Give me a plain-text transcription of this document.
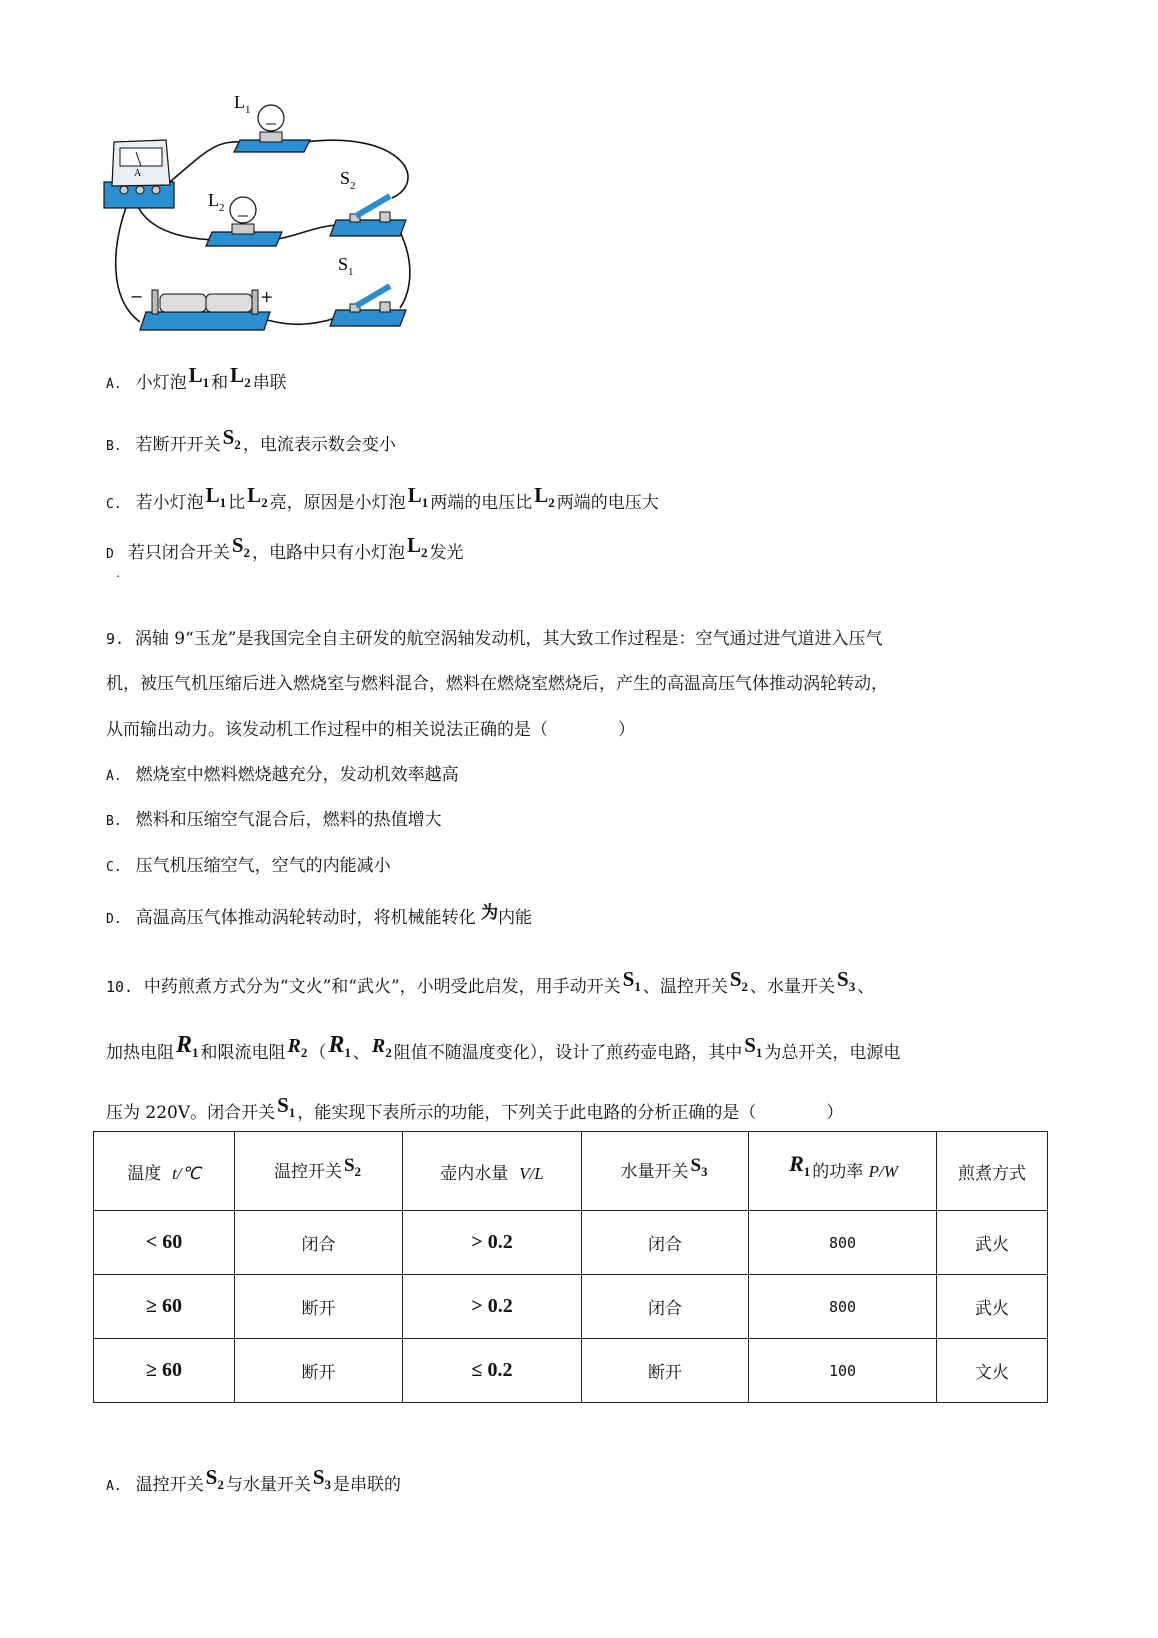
A
$L_1$
$L_2$
$S_2$
$S_1$
−	+
A. 小灯泡$L_1$ 和$L_2$ 串联
B. 若断开开关$S_2$ ，电流表示数会变小
C. 若小灯泡$L_1$ 比$L_2$ 亮，原因是小灯泡$L_1$ 两端的电压比$L_2$ 两端的电压大
D 若只闭合开关$S_2$ ，电路中只有小灯泡$L_2$ 发光
.
9. 涡轴 9“玉龙”是我国完全自主研发的航空涡轴发动机，其大致工作过程是：空气通过进气道进入压气
机，被压气机压缩后进入燃烧室与燃料混合，燃料在燃烧室燃烧后，产生的高温高压气体推动涡轮转动，
从而输出动力。该发动机工作过程中的相关说法正确的是（	）
A. 燃烧室中燃料燃烧越充分，发动机效率越高
B. 燃料和压缩空气混合后，燃料的热值增大
C. 压气机压缩空气，空气的内能减小
D. 高温高压气体推动涡轮转动时，将机械能转化 为内能
10. 中药煎煮方式分为“文火”和“武火”，小明受此启发，用手动开关$S_1$ 、温控开关$S_2$ 、水量开关$S_3$ 、
加热电阻$R_1$ 和限流电阻 $R_2$ （$R_1$ 、 $R_2$ 阻值不随温度变化），设计了煎药壶电路，其中$S_1$ 为总开关，电源电
压为 220V。闭合开关$S_1$ ，能实现下表所示的功能，下列关于此电路的分析正确的是（	）
温度 t/℃	温控开关 $S_2$	壶内水量 V/L	水量开关 $S_3$	$R_1$ 的功率 P/W	煎煮方式
< 60	闭合	> 0.2	闭合	800	武火
≥ 60	断开	> 0.2	闭合	800	武火
≥ 60	断开	≤ 0.2	断开	100	文火
A. 温控开关$S_2$ 与水量开关$S_3$ 是串联的
